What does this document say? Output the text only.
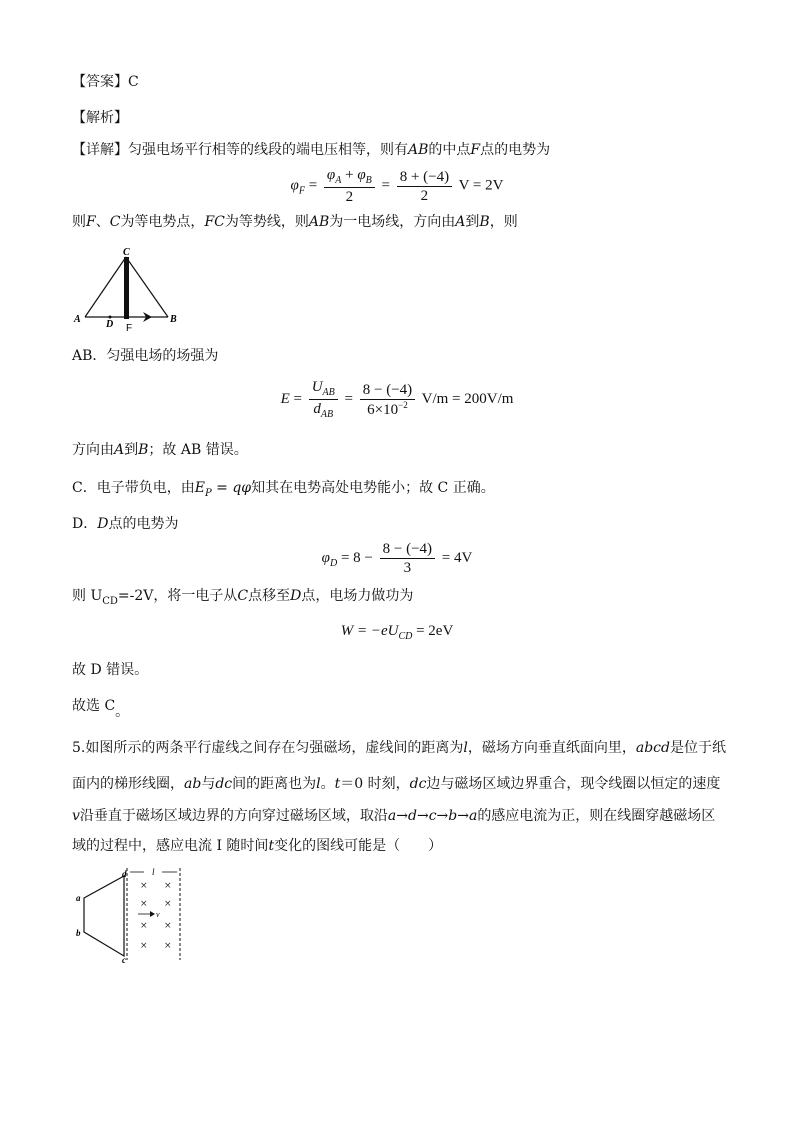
【答案】C
【解析】
【详解】匀强电场平行相等的线段的端电压相等，则有AB的中点F点的电势为
$\varphi_F = \frac{\varphi_A + \varphi_B}{2} = \frac{8 + (-4)}{2}$ V = 2V
则F、C为等电势点，FC为等势线，则AB为一电场线，方向由A到B，则
C
A	D F
B
AB．匀强电场的场强为
$E = \frac{U_{AB}}{d_{AB}} = \frac{8 - (-4)}{6\times 10^{-2}} V/m = 200V/m$
方向由A到B；故 AB 错误。
C．电子带负电，由$E_P = q\varphi$知其在电势高处电势能小；故 C 正确。
D．D点的电势为
$\varphi_D = 8 - \frac{8 - (-4)}{3} = 4V$
则 $U_{CD}=-2V$，将一电子从C点移至D点，电场力做功为
$W = -eU_{CD} = 2eV$
故 D 错误。
故选 C。
5.如图所示的两条平行虚线之间存在匀强磁场，虚线间的距离为l，磁场方向垂直纸面向里，abcd是位于纸
面内的梯形线圈，ab与dc间的距离也为l。t＝0 时刻，dc边与磁场区域边界重合，现令线圈以恒定的速度
v沿垂直于磁场区域边界的方向穿过磁场区域，取沿a→d→c→b→a的感应电流为正，则在线圈穿越磁场区
域的过程中，感应电流 I 随时间t变化的图线可能是（　　）
l
v
a
b
d
c
× ×
× ×
× ×
× ×
